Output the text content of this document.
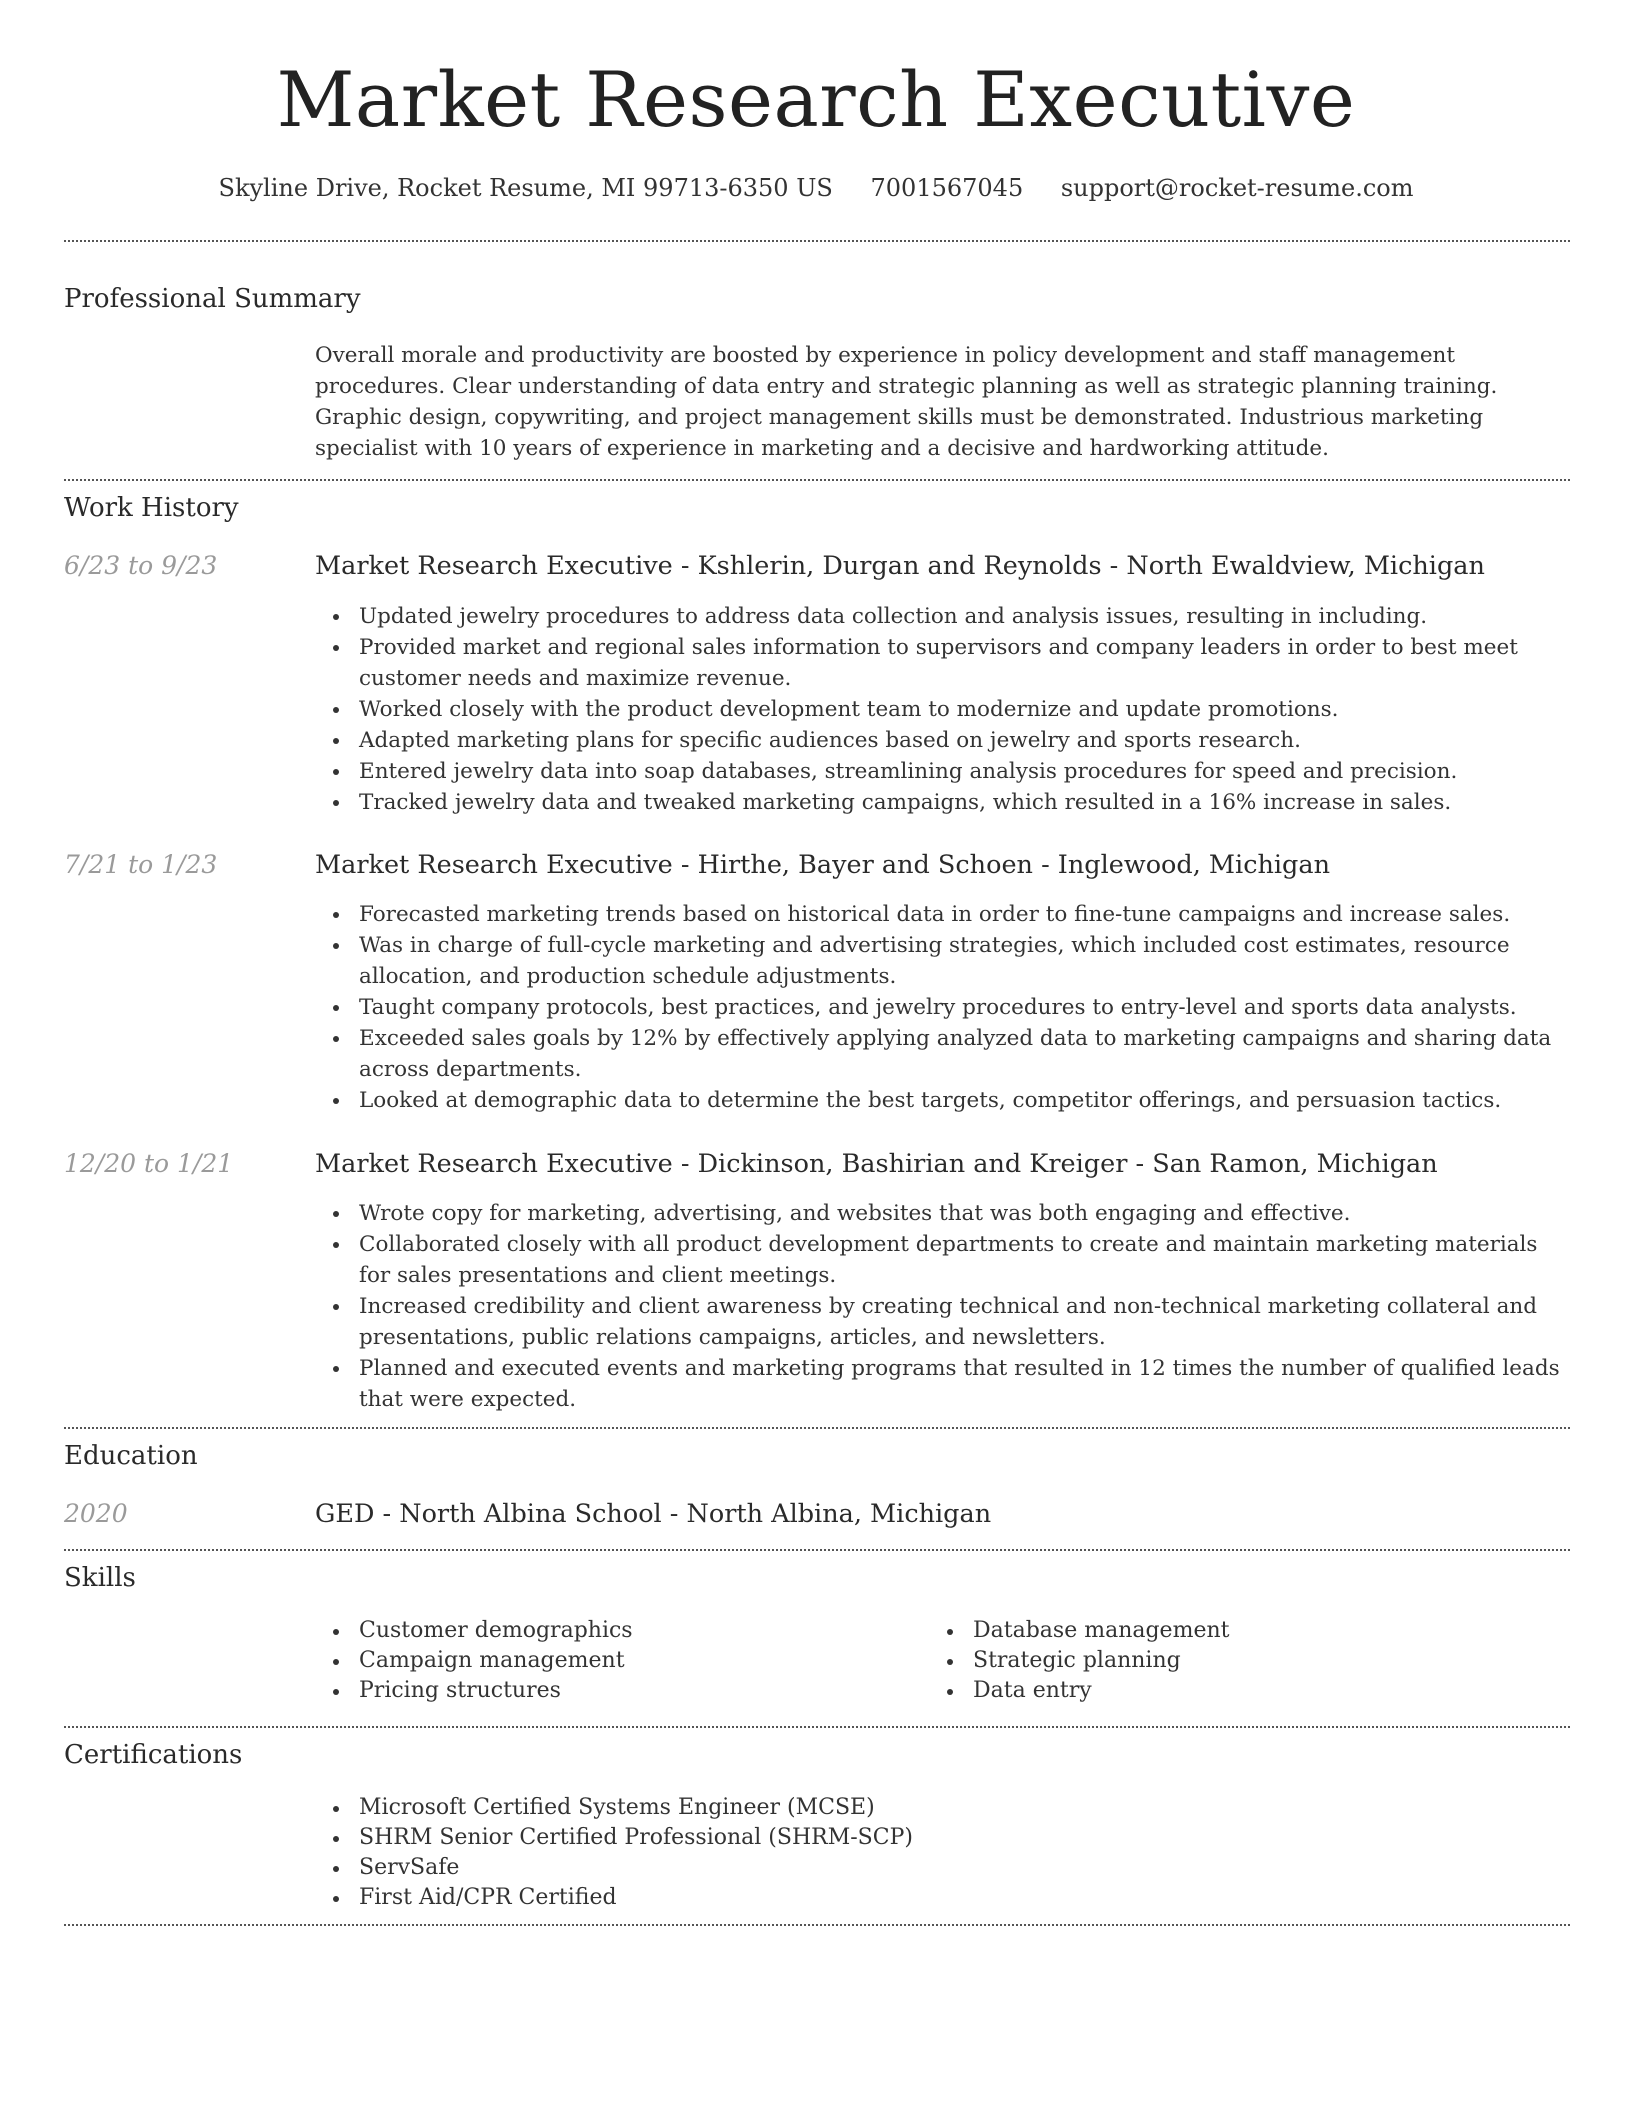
Market Research Executive
Skyline Drive, Rocket Resume, MI 99713-6350 US 7001567045 support@rocket-resume.com
Professional Summary

Overall morale and productivity are boosted by experience in policy development and staff management procedures. Clear understanding of data entry and strategic planning as well as strategic planning training. Graphic design, copywriting, and project management skills must be demonstrated. Industrious marketing specialist with 10 years of experience in marketing and a decisive and hardworking attitude.

Work History
6/23 to 9/23	Market Research Executive - Kshlerin, Durgan and Reynolds - North Ewaldview, Michigan
Updated jewelry procedures to address data collection and analysis issues, resulting in including.
Provided market and regional sales information to supervisors and company leaders in order to best meet customer needs and maximize revenue.
Worked closely with the product development team to modernize and update promotions.
Adapted marketing plans for specific audiences based on jewelry and sports research.
Entered jewelry data into soap databases, streamlining analysis procedures for speed and precision.
Tracked jewelry data and tweaked marketing campaigns, which resulted in a 16% increase in sales.
7/21 to 1/23	Market Research Executive - Hirthe, Bayer and Schoen - Inglewood, Michigan
Forecasted marketing trends based on historical data in order to fine-tune campaigns and increase sales.
Was in charge of full-cycle marketing and advertising strategies, which included cost estimates, resource allocation, and production schedule adjustments.
Taught company protocols, best practices, and jewelry procedures to entry-level and sports data analysts.
Exceeded sales goals by 12% by effectively applying analyzed data to marketing campaigns and sharing data across departments.
Looked at demographic data to determine the best targets, competitor offerings, and persuasion tactics.
12/20 to 1/21	Market Research Executive - Dickinson, Bashirian and Kreiger - San Ramon, Michigan
Wrote copy for marketing, advertising, and websites that was both engaging and effective.
Collaborated closely with all product development departments to create and maintain marketing materials for sales presentations and client meetings.
Increased credibility and client awareness by creating technical and non-technical marketing collateral and presentations, public relations campaigns, articles, and newsletters.
Planned and executed events and marketing programs that resulted in 12 times the number of qualified leads that were expected.
Education
2020	GED - North Albina School - North Albina, Michigan
Skills
Customer demographics
Campaign management
Pricing structures
Database management
Strategic planning
Data entry
Certifications
Microsoft Certified Systems Engineer (MCSE)
SHRM Senior Certified Professional (SHRM-SCP)
ServSafe
First Aid/CPR Certified
